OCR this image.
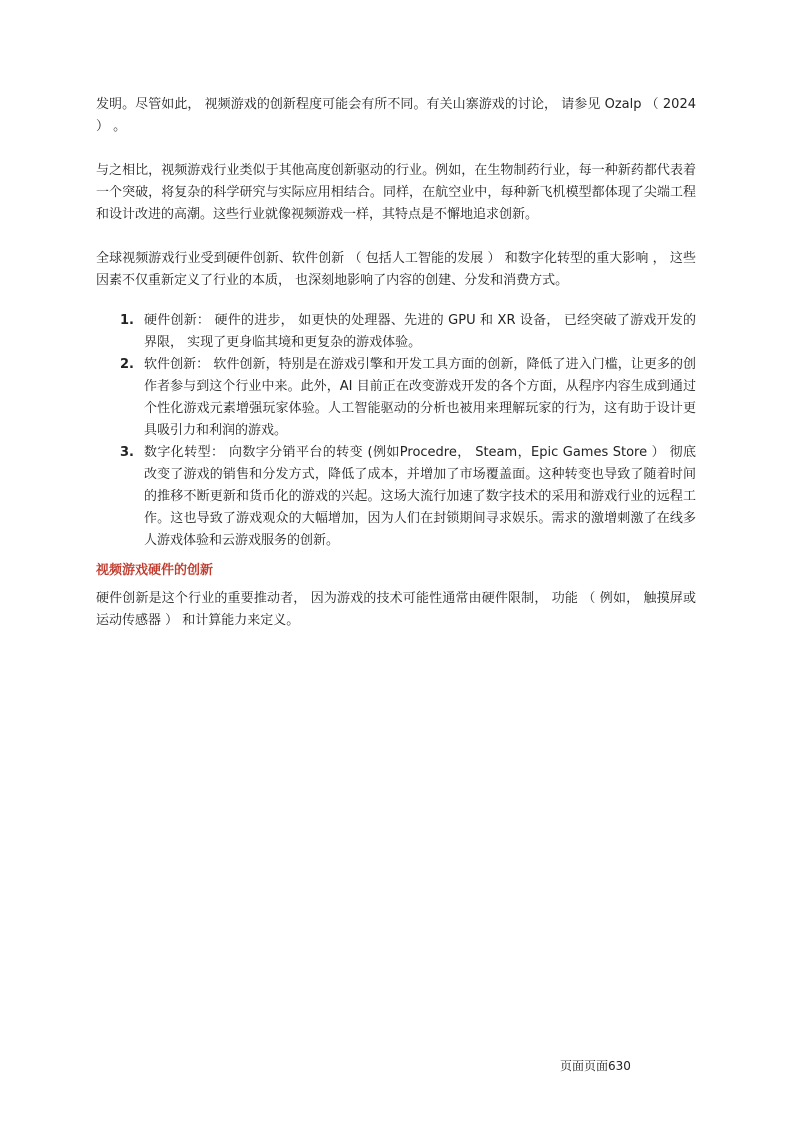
发明。尽管如此， 视频游戏的创新程度可能会有所不同。有关山寨游戏的讨论， 请参见 Ozalp （ 2024 ） 。

与之相比，视频游戏行业类似于其他高度创新驱动的行业。例如，在生物制药行业，每一种新药都代表着一个突破，将复杂的科学研究与实际应用相结合。同样，在航空业中，每种新飞机模型都体现了尖端工程和设计改进的高潮。这些行业就像视频游戏一样，其特点是不懈地追求创新。

全球视频游戏行业受到硬件创新、软件创新 （ 包括人工智能的发展 ） 和数字化转型的重大影响 ， 这些因素不仅重新定义了行业的本质， 也深刻地影响了内容的创建、分发和消费方式。

1. 硬件创新： 硬件的进步， 如更快的处理器、先进的 GPU 和 XR 设备， 已经突破了游戏开发的界限， 实现了更身临其境和更复杂的游戏体验。
2. 软件创新： 软件创新，特别是在游戏引擎和开发工具方面的创新，降低了进入门槛，让更多的创作者参与到这个行业中来。此外，AI 目前正在改变游戏开发的各个方面，从程序内容生成到通过个性化游戏元素增强玩家体验。人工智能驱动的分析也被用来理解玩家的行为，这有助于设计更具吸引力和利润的游戏。
3. 数字化转型： 向数字分销平台的转变 (例如Procedre， Steam，Epic Games Store ） 彻底改变了游戏的销售和分发方式，降低了成本，并增加了市场覆盖面。这种转变也导致了随着时间的推移不断更新和货币化的游戏的兴起。这场大流行加速了数字技术的采用和游戏行业的远程工作。这也导致了游戏观众的大幅增加，因为人们在封锁期间寻求娱乐。需求的激增刺激了在线多人游戏体验和云游戏服务的创新。
视频游戏硬件的创新

硬件创新是这个行业的重要推动者， 因为游戏的技术可能性通常由硬件限制， 功能 （ 例如， 触摸屏或运动传感器 ） 和计算能力来定义。

页面页面630
